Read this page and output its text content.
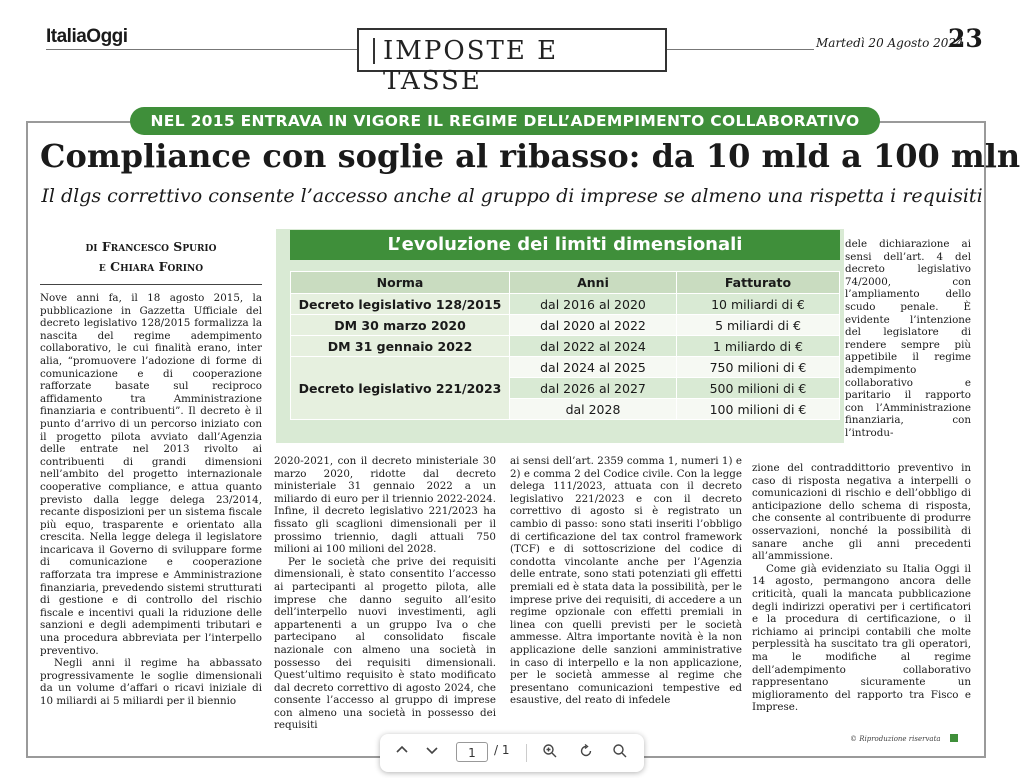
ItaliaOggi	IMPOSTE E TASSE
Martedì 20 Agosto 2024
23
NEL 2015 ENTRAVA IN VIGORE IL REGIME DELL’ADEMPIMENTO COLLABORATIVO
Compliance con soglie al ribasso: da 10 mld a 100 mln
Il dlgs correttivo consente l’accesso anche al gruppo di imprese se almeno una rispetta i requisiti
di Francesco Spurio
e Chiara Forino
L’evoluzione dei limiti dimensionali
Norma	Anni	Fatturato
Decreto legislativo 128/2015	dal 2016 al 2020	10 miliardi di €
DM 30 marzo 2020	dal 2020 al 2022	5 miliardi di €
DM 31 gennaio 2022	dal 2022 al 2024	1 miliardo di €
Decreto legislativo 221/2023	dal 2024 al 2025	750 milioni di €
	dal 2026 al 2027	500 milioni di €
	dal 2028	100 milioni di €

Nove anni fa, il 18 agosto 2015, la pubblicazione in Gazzetta Ufficiale del decreto legislativo 128/2015 formalizza la nascita del regime adempimento collaborativo, le cui finalità erano, inter alia, “promuovere l’adozione di forme di comunicazione e di cooperazione rafforzate basate sul reciproco affidamento tra Amministrazione finanziaria e contribuenti”. Il decreto è il punto d’arrivo di un percorso iniziato con il progetto pilota avviato dall’Agenzia delle entrate nel 2013 rivolto ai contribuenti di grandi dimensioni nell’ambito del progetto internazionale cooperative compliance, e attua quanto previsto dalla legge delega 23/2014, recante disposizioni per un sistema fiscale più equo, trasparente e orientato alla crescita. Nella legge delega il legislatore incaricava il Governo di sviluppare forme di comunicazione e cooperazione rafforzata tra imprese e Amministrazione finanziaria, prevedendo sistemi strutturati di gestione e di controllo del rischio fiscale e incentivi quali la riduzione delle sanzioni e degli adempimenti tributari e una procedura abbreviata per l’interpello preventivo.

Negli anni il regime ha abbassato progressivamente le soglie dimensionali da un volume d’affari o ricavi iniziale di 10 miliardi ai 5 miliardi per il biennio

2020-2021, con il decreto ministeriale 30 marzo 2020, ridotte dal decreto ministeriale 31 gennaio 2022 a un miliardo di euro per il triennio 2022-2024. Infine, il decreto legislativo 221/2023 ha fissato gli scaglioni dimensionali per il prossimo triennio, dagli attuali 750 milioni ai 100 milioni del 2028.

Per le società che prive dei requisiti dimensionali, è stato consentito l’accesso ai partecipanti al progetto pilota, alle imprese che danno seguito all’esito dell’interpello nuovi investimenti, agli appartenenti a un gruppo Iva o che partecipano al consolidato fiscale nazionale con almeno una società in possesso dei requisiti dimensionali. Quest’ultimo requisito è stato modificato dal decreto correttivo di agosto 2024, che consente l’accesso al gruppo di imprese con almeno una società in possesso dei requisiti

ai sensi dell’art. 2359 comma 1, numeri 1) e 2) e comma 2 del Codice civile. Con la legge delega 111/2023, attuata con il decreto legislativo 221/2023 e con il decreto correttivo di agosto si è registrato un cambio di passo: sono stati inseriti l’obbligo di certificazione del tax control framework (TCF) e di sottoscrizione del codice di condotta vincolante anche per l’Agenzia delle entrate, sono stati potenziati gli effetti premiali ed è stata data la possibilità, per le imprese prive dei requisiti, di accedere a un regime opzionale con effetti premiali in linea con quelli previsti per le società ammesse. Altra importante novità è la non applicazione delle sanzioni amministrative in caso di interpello e la non applicazione, per le società ammesse al regime che presentano comunicazioni tempestive ed esaustive, del reato di infedele

dele dichiarazione ai sensi dell’art. 4 del decreto legislativo 74/2000, con l’ampliamento dello scudo penale. È evidente l’intenzione del legislatore di rendere sempre più appetibile il regime adempimento collaborativo e paritario il rapporto con l’Amministrazione finanziaria, con l’introdu-

zione del contraddittorio preventivo in caso di risposta negativa a interpelli o comunicazioni di rischio e dell’obbligo di anticipazione dello schema di risposta, che consente al contribuente di produrre osservazioni, nonché la possibilità di sanare anche gli anni precedenti all’ammissione.

Come già evidenziato su Italia Oggi il 14 agosto, permangono ancora delle criticità, quali la mancata pubblicazione degli indirizzi operativi per i certificatori e la procedura di certificazione, o il richiamo ai principi contabili che molte perplessità ha suscitato tra gli operatori, ma le modifiche al regime dell’adempimento collaborativo rappresentano sicuramente un miglioramento del rapporto tra Fisco e Imprese.

© Riproduzione riservata
1	/ 1
